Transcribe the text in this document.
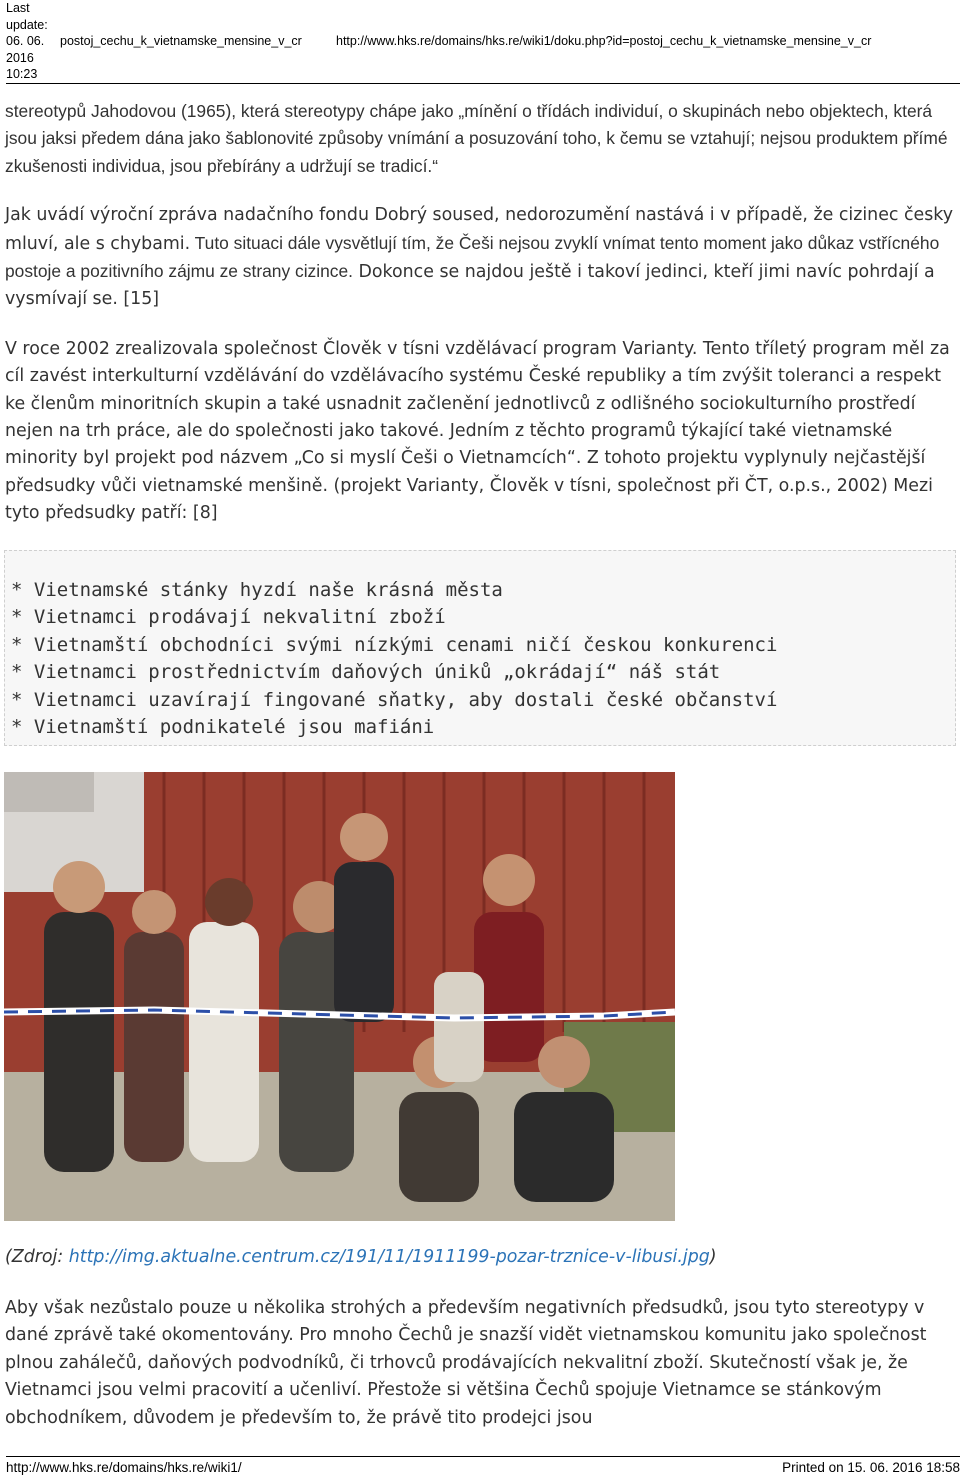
Last update:
06. 06.
2016
10:23
postoj_cechu_k_vietnamske_mensine_v_cr	http://www.hks.re/domains/hks.re/wiki1/doku.php?id=postoj_cechu_k_vietnamske_mensine_v_cr

stereotypů Jahodovou (1965), která stereotypy chápe jako „mínění o třídách individuí, o skupinách nebo objektech, která jsou jaksi předem dána jako šablonovité způsoby vnímání a posuzování toho, k čemu se vztahují; nejsou produktem přímé zkušenosti individua, jsou přebírány a udržují se tradicí.“

Jak uvádí výroční zpráva nadačního fondu Dobrý soused, nedorozumění nastává i v případě, že cizinec česky mluví, ale s chybami. Tuto situaci dále vysvětlují tím, že Češi nejsou zvyklí vnímat tento moment jako důkaz vstřícného postoje a pozitivního zájmu ze strany cizince. Dokonce se najdou ještě i takoví jedinci, kteří jimi navíc pohrdají a vysmívají se. [15]

V roce 2002 zrealizovala společnost Člověk v tísni vzdělávací program Varianty. Tento tříletý program měl za cíl zavést interkulturní vzdělávání do vzdělávacího systému České republiky a tím zvýšit toleranci a respekt ke členům minoritních skupin a také usnadnit začlenění jednotlivců z odlišného sociokulturního prostředí nejen na trh práce, ale do společnosti jako takové. Jedním z těchto programů týkající také vietnamské minority byl projekt pod názvem „Co si myslí Češi o Vietnamcích“. Z tohoto projektu vyplynuly nejčastější předsudky vůči vietnamské menšině. (projekt Varianty, Člověk v tísni, společnost při ČT, o.p.s., 2002) Mezi tyto předsudky patří: [8]

* Vietnamské stánky hyzdí naše krásná města
* Vietnamci prodávají nekvalitní zboží
* Vietnamští obchodníci svými nízkými cenami ničí českou konkurenci
* Vietnamci prostřednictvím daňových úniků „okrádají“ náš stát
* Vietnamci uzavírají fingované sňatky, aby dostali české občanství
* Vietnamští podnikatelé jsou mafiáni

(Zdroj: http://img.aktualne.centrum.cz/191/11/1911199-pozar-trznice-v-libusi.jpg)

Aby však nezůstalo pouze u několika strohých a především negativních předsudků, jsou tyto stereotypy v dané zprávě také okomentovány. Pro mnoho Čechů je snazší vidět vietnamskou komunitu jako společnost plnou zahálečů, daňových podvodníků, či trhovců prodávajících nekvalitní zboží. Skutečností však je, že Vietnamci jsou velmi pracovití a učenliví. Přestože si většina Čechů spojuje Vietnamce se stánkovým obchodníkem, důvodem je především to, že právě tito prodejci jsou

http://www.hks.re/domains/hks.re/wiki1/	Printed on 15. 06. 2016 18:58
